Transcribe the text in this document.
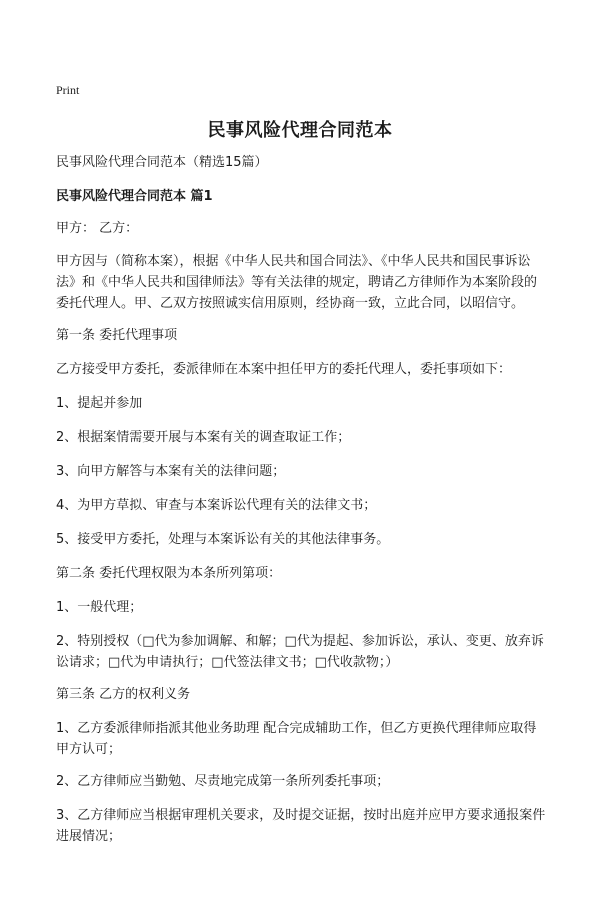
Print
民事风险代理合同范本

民事风险代理合同范本（精选15篇）

民事风险代理合同范本 篇1

甲方： 乙方：

甲方因与（简称本案），根据《中华人民共和国合同法》、《中华人民共和国民事诉讼法》和《中华人民共和国律师法》等有关法律的规定，聘请乙方律师作为本案阶段的委托代理人。甲、乙双方按照诚实信用原则，经协商一致，立此合同，以昭信守。

第一条 委托代理事项

乙方接受甲方委托，委派律师在本案中担任甲方的委托代理人，委托事项如下：

1、提起并参加

2、根据案情需要开展与本案有关的调查取证工作；

3、向甲方解答与本案有关的法律问题；

4、为甲方草拟、审查与本案诉讼代理有关的法律文书；

5、接受甲方委托，处理与本案诉讼有关的其他法律事务。

第二条 委托代理权限为本条所列第项：

1、一般代理；

2、特别授权（□代为参加调解、和解；□代为提起、参加诉讼，承认、变更、放弃诉讼请求；□代为申请执行；□代签法律文书；□代收款物；）

第三条 乙方的权利义务

1、乙方委派律师指派其他业务助理 配合完成辅助工作，但乙方更换代理律师应取得甲方认可；

2、乙方律师应当勤勉、尽责地完成第一条所列委托事项；

3、乙方律师应当根据审理机关要求，及时提交证据，按时出庭并应甲方要求通报案件进展情况；
